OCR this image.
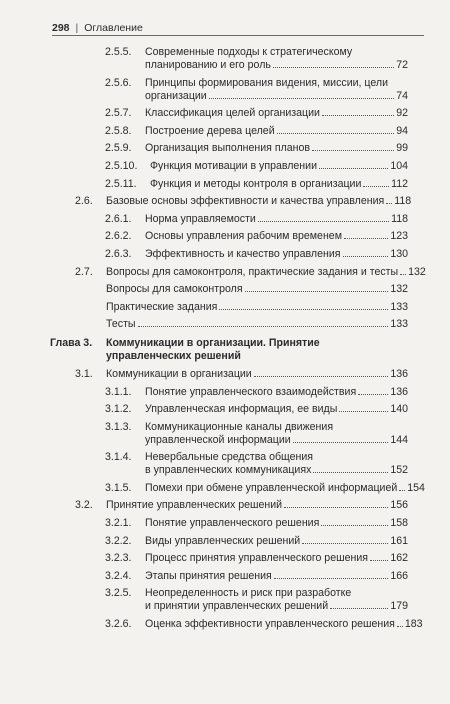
298 | Оглавление
2.5.5. Современные подходы к стратегическому
планированию и его роль	72
2.5.6. Принципы формирования видения, миссии, цели
организации	74
2.5.7. Классификация целей организации	92
2.5.8. Построение дерева целей	94
2.5.9. Организация выполнения планов	99
2.5.10. Функция мотивации в управлении	104
2.5.11. Функция и методы контроля в организации	112
2.6. Базовые основы эффективности и качества управления 118
2.6.1. Норма управляемости	118
2.6.2. Основы управления рабочим временем	123
2.6.3. Эффективность и качество управления	130
2.7. Вопросы для самоконтроля, практические задания и тесты 132
Вопросы для самоконтроля	132
Практические задания	133
Тесты	133
Глава 3. Коммуникации в организации. Принятие
управленческих решений
3.1. Коммуникации в организации	136
3.1.1. Понятие управленческого взаимодействия	136
3.1.2. Управленческая информация, ее виды	140
3.1.3. Коммуникационные каналы движения
управленческой информации	144
3.1.4. Невербальные средства общения
в управленческих коммуникациях	152
3.1.5. Помехи при обмене управленческой информацией 154
3.2. Принятие управленческих решений	156
3.2.1. Понятие управленческого решения	158
3.2.2. Виды управленческих решений	161
3.2.3. Процесс принятия управленческого решения 162
3.2.4. Этапы принятия решения	166
3.2.5. Неопределенность и риск при разработке
и принятии управленческих решений	179
3.2.6. Оценка эффективности управленческого решения 183
